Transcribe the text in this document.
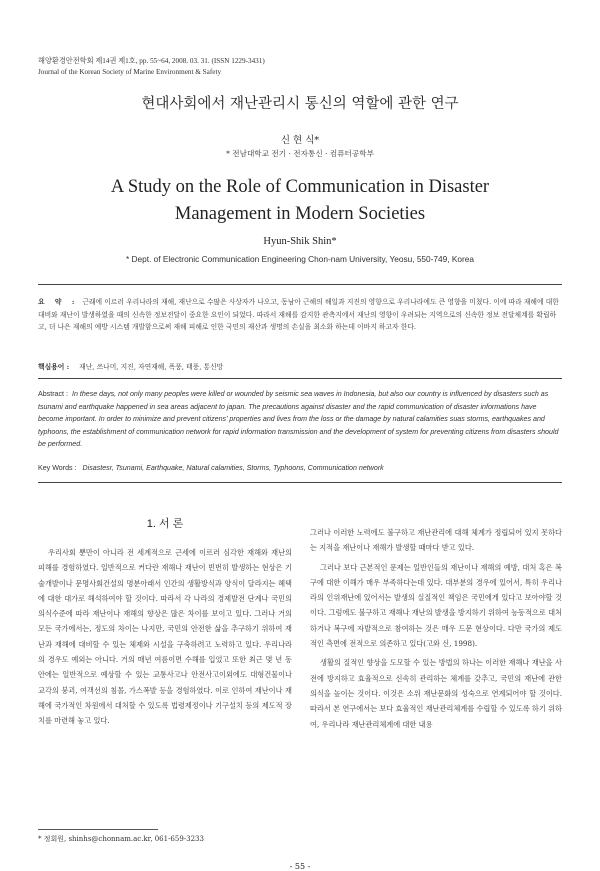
해양환경안전학회 제14권 제1호, pp. 55~64, 2008. 03. 31. (ISSN 1229-3431)
Journal of the Korean Society of Marine Environment & Safety
현대사회에서 재난관리시 통신의 역할에 관한 연구
신 현 식*
* 전남대학교 전기 · 전자통신 · 컴퓨터공학부
A Study on the Role of Communication in Disaster
Management in Modern Societies
Hyun-Shik Shin*
* Dept. of Electronic Communication Engineering Chon-nam University, Yeosu, 550-749, Korea
요 약 : 근래에 이르러 우리나라의 재해, 재난으로 수많은 사상자가 나오고, 동남아 근해의 해일과 지진의 영향으로 우리나라에도 큰 영향을 미쳤다. 이에 따라 재해에 대한 대비와 재난이 발생하였을 때의 신속한 정보전달이 중요한 요인이 되었다. 따라서 재해를 감지한 관측지에서 재난의 영향이 우려되는 지역으로의 신속한 정보 전달체계를 확립하고, 더 나은 재해의 예방 시스템 개발함으로써 재해 피해로 인한 국민의 재산과 생명의 손실을 최소화 하는데 이바지 하고자 한다.
핵심용어 : 재난, 쓰나미, 지진, 자연재해, 폭풍, 태풍, 통신망
Abstract : In these days, not only many peoples were killed or wounded by seismic sea waves in Indonesia, but also our country is influenced by disasters such as tsunami and earthquake happened in sea areas adjacent to japan. The precautions against disaster and the rapid communication of disaster informations have become important. In order to minimize and prevent citizens' properties and lives from the loss or the damage by natural calamities suas storms, earthquakes and typhoons, the establishment of communication network for rapid information transmission and the development of system for preventing citizens from disasters should be performed.
Key Words : Disastesr, Tsunami, Earthquake, Natural calamities, Storms, Typhoons, Communication network
1. 서 론

우리사회 뿐만이 아니라 전 세계적으로 근세에 이르러 심각한 재해와 재난의 피해를 경험하였다. 일반적으로 커다란 재해나 재난이 빈번히 발생하는 현상은 기술개발이나 문명사회건설의 명분아래서 인간의 생활방식과 양식이 달라지는 혜택에 대한 대가로 해석하여야 할 것이다. 따라서 각 나라의 경제발전 단계나 국민의 의식수준에 따라 재난이나 재해의 향상은 많은 차이를 보이고 있다. 그러나 거의 모든 국가에서는, 정도의 차이는 나지만, 국민의 안전한 삶을 추구하기 위하여 재난과 재해에 대비할 수 있는 체제와 시설을 구축하려고 노력하고 있다. 우리나라의 경우도 예외는 아니다. 거의 매년 여름이면 수해를 입었고 또한 최근 몇 년 동안에는 일반적으로 예상할 수 있는 교통사고나 안전사고이외에도 대형건물이나 교각의 붕괴, 여객선의 침몰, 가스폭발 등을 경험하였다. 이로 인하여 재난이나 재해에 국가적인 차원에서 대처할 수 있도록 법령제정이나 기구설치 등의 제도적 장치를 마련해 놓고 있다.

그러나 이러한 노력에도 불구하고 재난관리에 대해 체계가 정립되어 있지 못하다는 지적을 재난이나 재해가 발생할 때마다 받고 있다.

그러나 보다 근본적인 문제는 일반인들의 재난이나 재해의 예방, 대처 혹은 복구에 대한 이해가 매우 부족하다는데 있다. 대부분의 경우에 있어서, 특히 우리나라의 인위재난에 있어서는 발생의 실질적인 책임은 국민에게 있다고 보아야할 것이다. 그럼에도 불구하고 재해나 재난의 발생을 방지하기 위하여 능동적으로 대처하거나 복구에 자발적으로 참여하는 것은 매우 드문 현상이다. 다만 국가의 제도적인 측면에 전적으로 의존하고 있다(고와 신, 1998).

생활의 질적인 향상을 도모할 수 있는 방법의 하나는 이러한 재해나 재난을 사전에 방지하고 효율적으로 신속히 관리하는 체계를 갖추고, 국민의 재난에 관한 의식을 높이는 것이다. 이것은 소위 재난문화의 성숙으로 연계되어야 할 것이다. 따라서 본 연구에서는 보다 효율적인 재난관리체계를 수립할 수 있도록 하기 위하여, 우리나라 재난관리체계에 대한 내용

* 정회원, shinhs@chonnam.ac.kr, 061-659-3233
- 55 -
